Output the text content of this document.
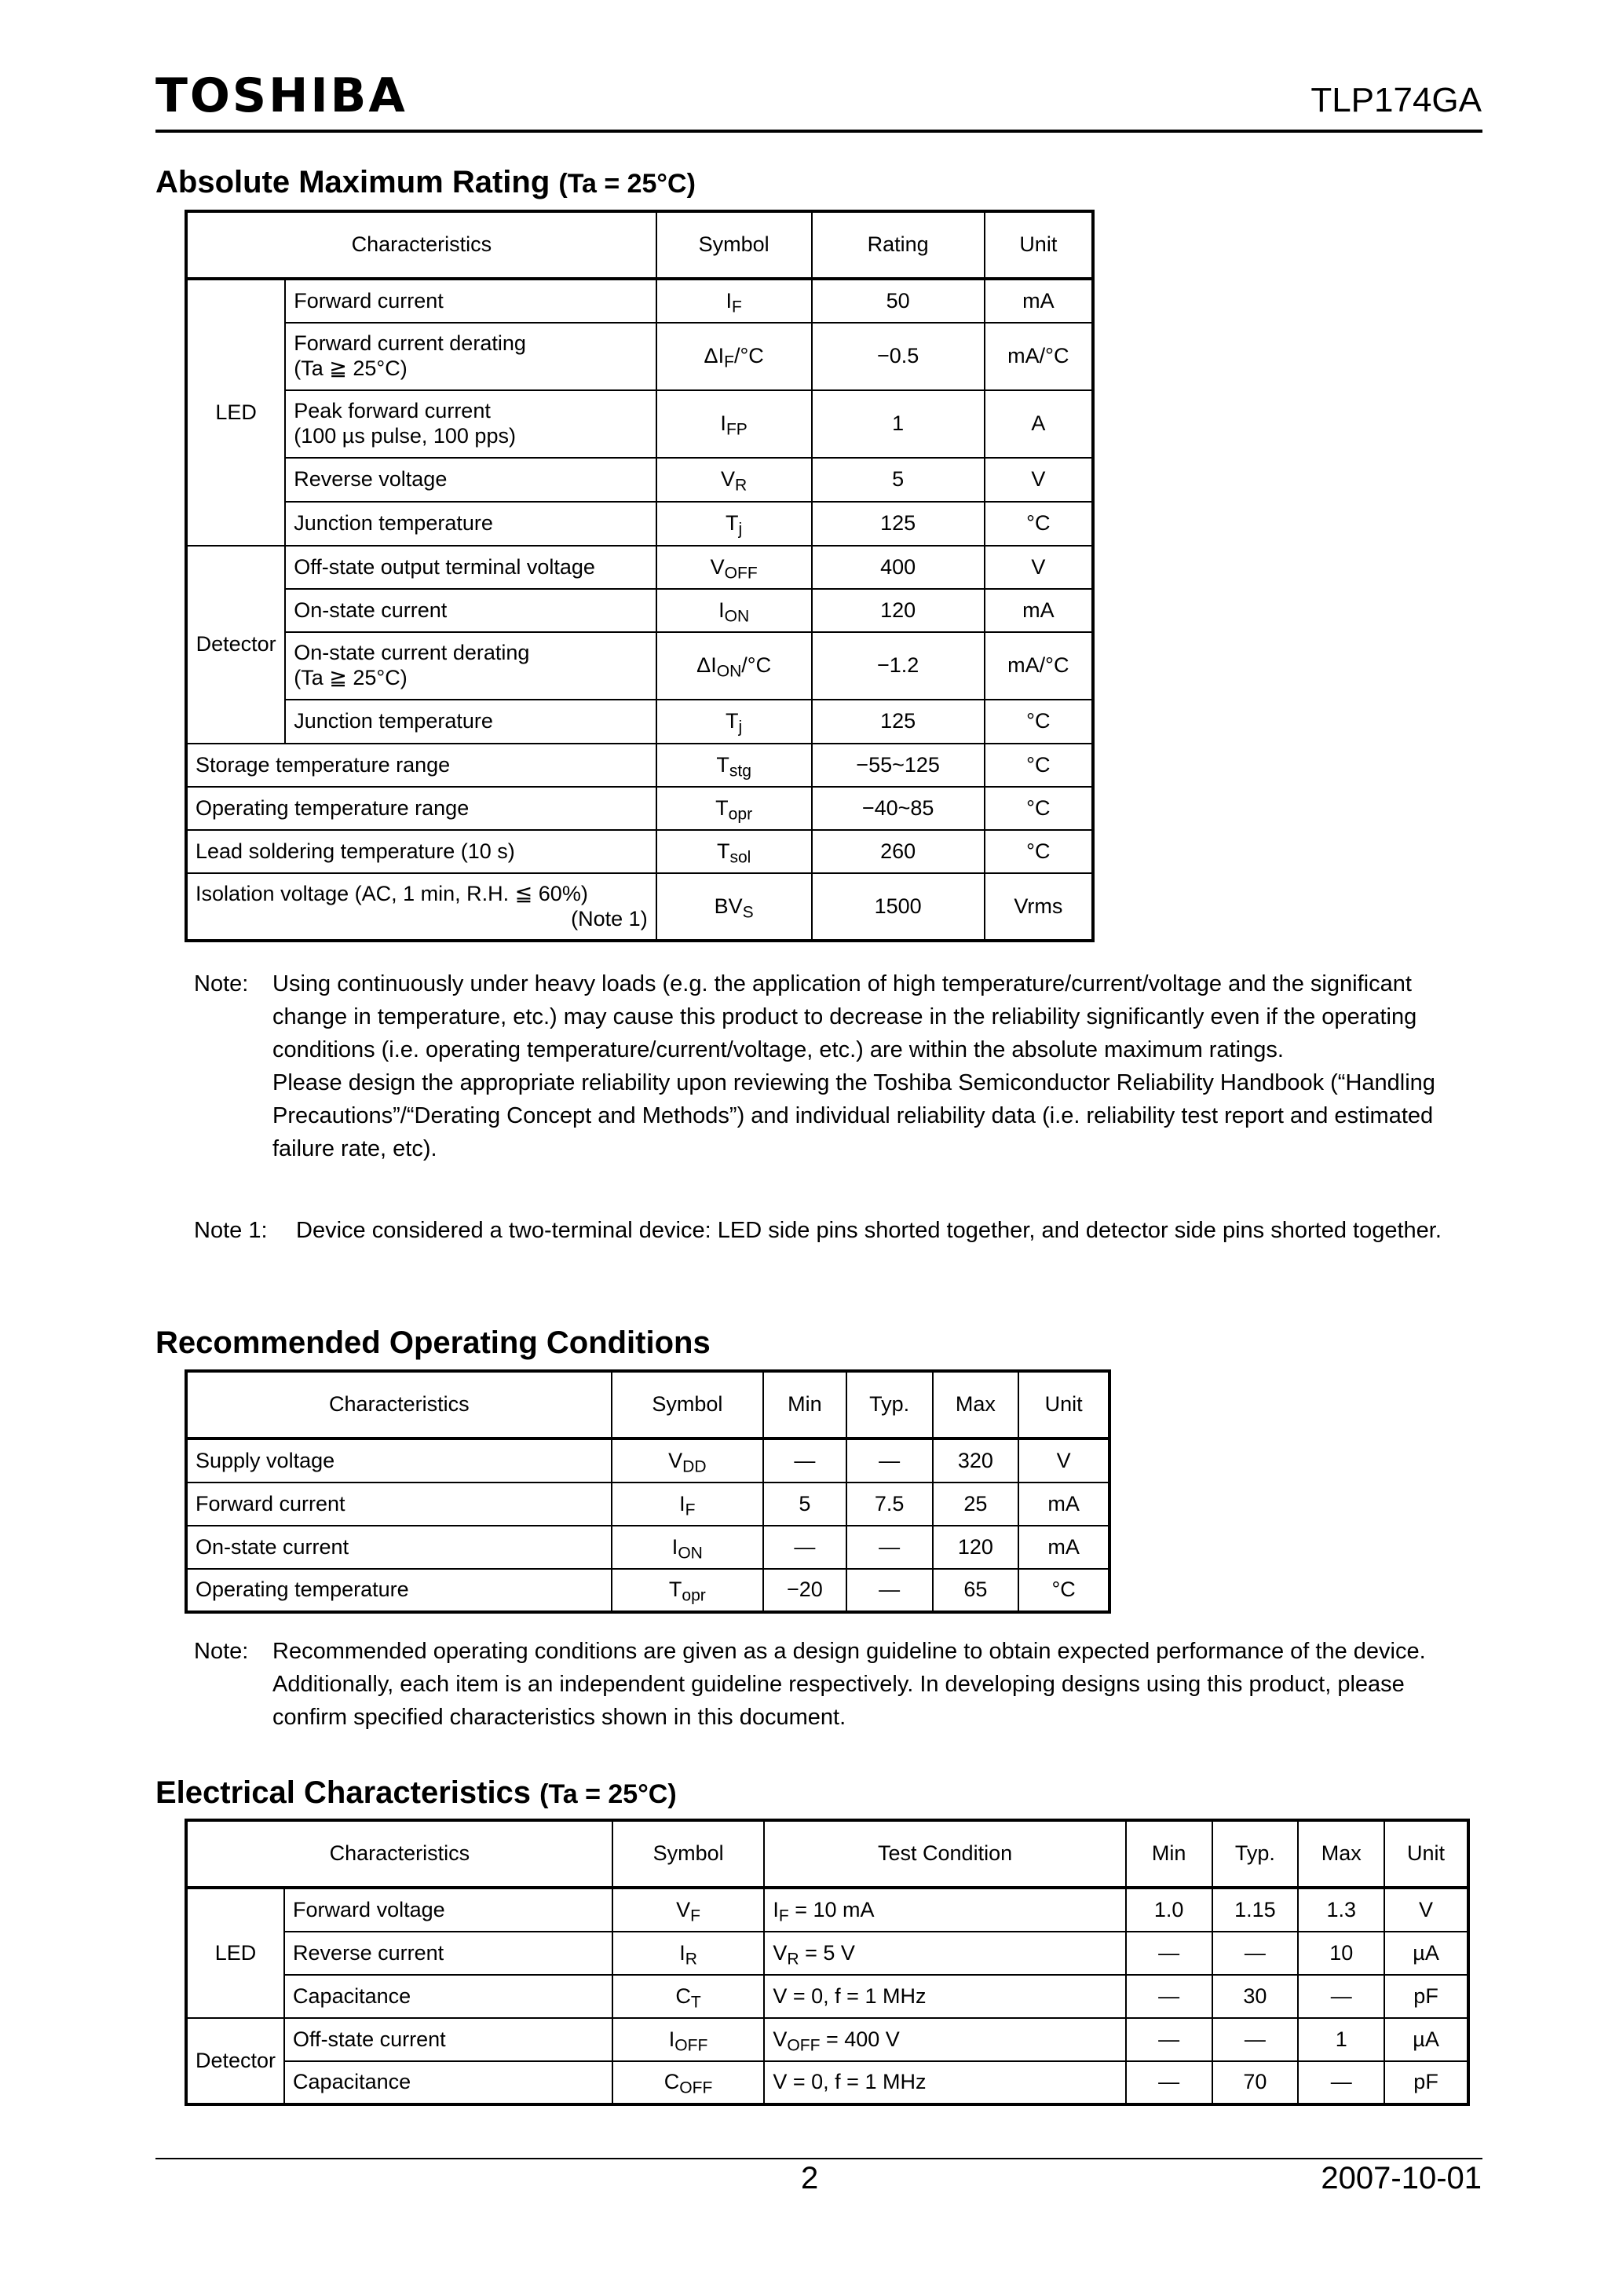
TOSHIBA	TLP174GA
Absolute Maximum Rating (Ta = 25°C)
Characteristics		Symbol	Rating	Unit
LED	Forward current	$I_F$	50	mA
	Forward current derating
(Ta ≧ 25°C)	$\Delta I_F/^\circ C$	−0.5	mA/°C
	Peak forward current
(100 µs pulse, 100 pps)	$I_{FP}$	1	A
	Reverse voltage	$V_R$	5	V
	Junction temperature	$T_j$	125	°C
Detector	Off-state output terminal voltage	$V_{OFF}$	400	V
	On-state current	$I_{ON}$	120	mA
	On-state current derating
(Ta ≧ 25°C)	$\Delta I_{ON}/^\circ C$	−1.2	mA/°C
	Junction temperature	$T_j$	125	°C
Storage temperature range		$T_{stg}$	−55~125	°C
Operating temperature range		$T_{opr}$	−40~85	°C
Lead soldering temperature (10 s)		$T_{sol}$	260	°C

Isolation voltage (AC, 1 min, R.H. ≦ 60%)
(Note 1)		$BV_S$	1500	Vrms
Note: Using continuously under heavy loads (e.g. the application of high temperature/current/voltage and the significant change in temperature, etc.) may cause this product to decrease in the reliability significantly even if the operating conditions (i.e. operating temperature/current/voltage, etc.) are within the absolute maximum ratings.

Please design the appropriate reliability upon reviewing the Toshiba Semiconductor Reliability Handbook (“Handling Precautions”/“Derating Concept and Methods”) and individual reliability data (i.e. reliability test report and estimated failure rate, etc).

Note 1: Device considered a two-terminal device: LED side pins shorted together, and detector side pins shorted together.

Recommended Operating Conditions
Characteristics	Symbol	Min	Typ.	Max	Unit
Supply voltage	$V_{DD}$	—	—	320	V
Forward current	$I_F$	5	7.5	25	mA
On-state current	$I_{ON}$	—	—	120	mA
Operating temperature	$T_{opr}$	−20	—	65	°C
Note: Recommended operating conditions are given as a design guideline to obtain expected performance of the device. Additionally, each item is an independent guideline respectively. In developing designs using this product, please confirm specified characteristics shown in this document.

Electrical Characteristics (Ta = 25°C)
Characteristics		Symbol	Test Condition	Min	Typ.	Max	Unit
LED	Forward voltage	$V_F$	$I_F = 10$ mA	1.0	1.15	1.3	V
	Reverse current	$I_R$	$V_R = 5$ V	—	—	10	µA
	Capacitance	$C_T$	V = 0, f = 1 MHz	—	30	—	pF
Detector	Off-state current	$I_{OFF}$	$V_{OFF} = 400$ V	—	—	1	µA
	Capacitance	$C_{OFF}$	V = 0, f = 1 MHz	—	70	—	pF
2	2007-10-01
